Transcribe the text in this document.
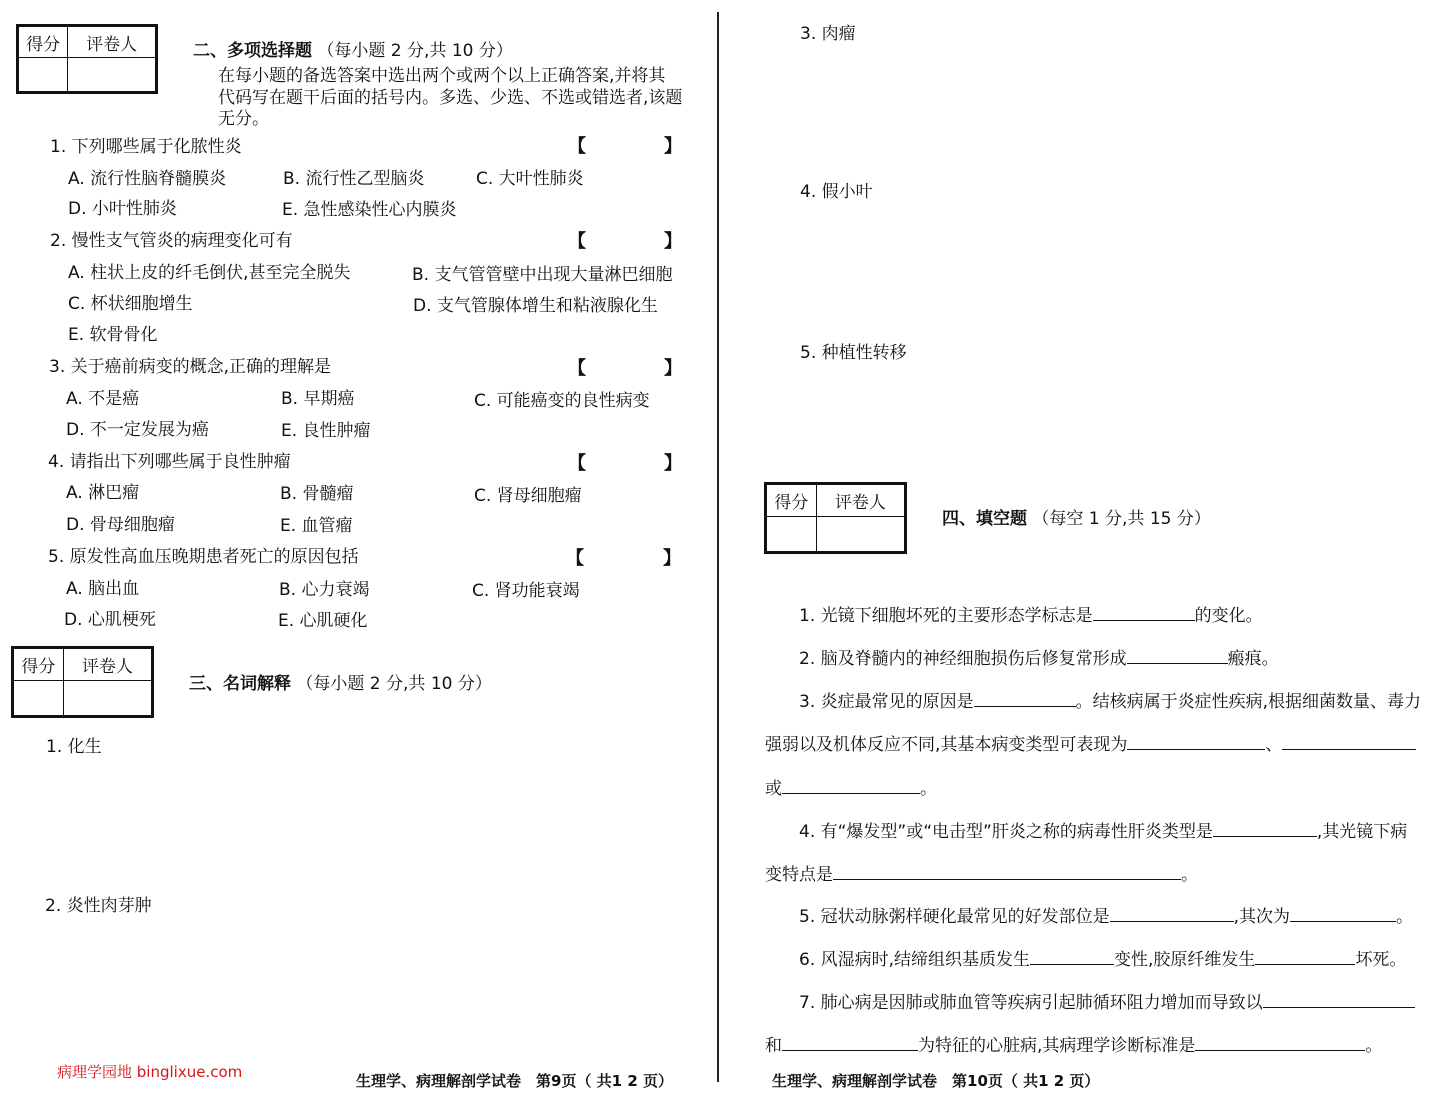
得分	评卷人
		二、多项选择题 （每小题 2 分,共 10 分）
在每小题的备选答案中选出两个或两个以上正确答案,并将其
代码写在题干后面的括号内。多选、少选、不选或错选者,该题
无分。
1. 下列哪些属于化脓性炎	【	】
A. 流行性脑脊髓膜炎	B. 流行性乙型脑炎	C. 大叶性肺炎
D. 小叶性肺炎	E. 急性感染性心内膜炎
2. 慢性支气管炎的病理变化可有	【	】
A. 柱状上皮的纤毛倒伏,甚至完全脱失	B. 支气管管壁中出现大量淋巴细胞
C. 杯状细胞增生	D. 支气管腺体增生和粘液腺化生
E. 软骨骨化
3. 关于癌前病变的概念,正确的理解是	【	】
A. 不是癌	B. 早期癌	C. 可能癌变的良性病变
D. 不一定发展为癌	E. 良性肿瘤
4. 请指出下列哪些属于良性肿瘤	【	】
A. 淋巴瘤	B. 骨髓瘤	C. 肾母细胞瘤
D. 骨母细胞瘤	E. 血管瘤
5. 原发性高血压晚期患者死亡的原因包括	【	】
A. 脑出血	B. 心力衰竭	C. 肾功能衰竭
D. 心肌梗死	E. 心肌硬化
得分	评卷人

三、名词解释 （每小题 2 分,共 10 分）
1. 化生
2. 炎性肉芽肿
病理学园地 binglixue.com	生理学、病理解剖学试卷　第9页（ 共1 2 页）
3. 肉瘤
4. 假小叶
5. 种植性转移
得分	评卷人

四、填空题 （每空 1 分,共 15 分）
1. 光镜下细胞坏死的主要形态学标志是	的变化。
2. 脑及脊髓内的神经细胞损伤后修复常形成	瘢痕。
3. 炎症最常见的原因是	。结核病属于炎症性疾病,根据细菌数量、毒力
强弱以及机体反应不同,其基本病变类型可表现为	、
或	。
4. 有“爆发型”或“电击型”肝炎之称的病毒性肝炎类型是	,其光镜下病
变特点是	。
5. 冠状动脉粥样硬化最常见的好发部位是	,其次为	。
6. 风湿病时,结缔组织基质发生	变性,胶原纤维发生	坏死。
7. 肺心病是因肺或肺血管等疾病引起肺循环阻力增加而导致以
和	为特征的心脏病,其病理学诊断标准是	。
生理学、病理解剖学试卷　第10页（ 共1 2 页）
